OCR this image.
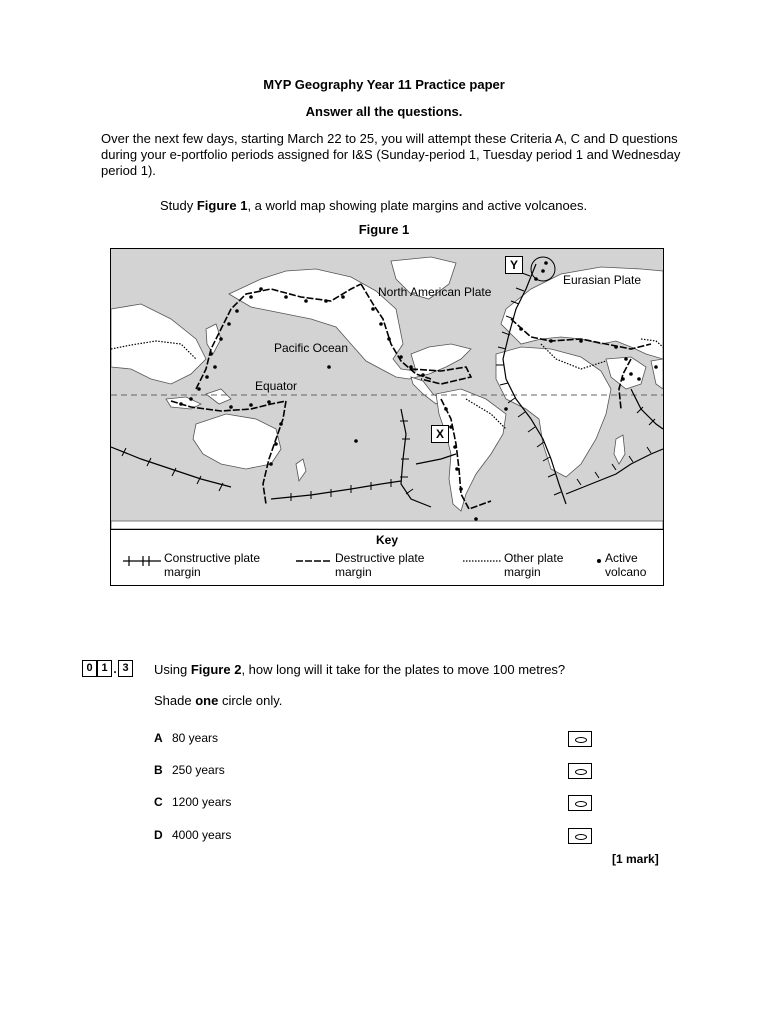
MYP Geography Year 11 Practice paper
Answer all the questions.
Over the next few days, starting March 22 to 25, you will attempt these Criteria A, C and D questions during your e-portfolio periods assigned for I&S (Sunday-period 1, Tuesday period 1 and Wednesday period 1).
Study Figure 1, a world map showing plate margins and active volcanoes.
Figure 1
North American Plate
Eurasian Plate
Pacific Ocean
Equator
Y
X
Key
Constructive plate
margin
Destructive plate
margin
Other plate
margin
Active
volcano
0 1 . 3	Using Figure 2, how long will it take for the plates to move 100 metres?
Shade one circle only.
A 80 years
B 250 years
C 1200 years
D 4000 years
[1 mark]
